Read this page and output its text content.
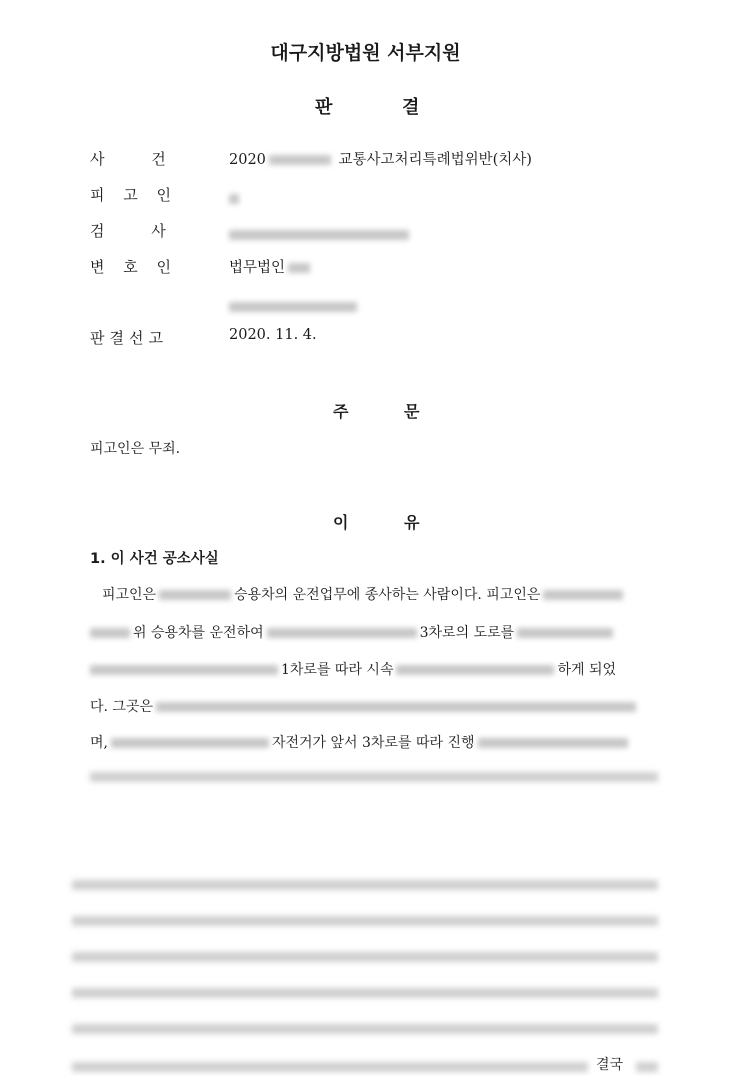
대구지방법원 서부지원
판	결
사 건	2020	교통사고처리특례법위반(치사)
피 고 인
검 사
변 호 인	법무법인
판결선고	2020. 11. 4.
주	문
피고인은 무죄.
이	유
1. 이 사건 공소사실
피고인은	승용차의 운전업무에 종사하는 사람이다. 피고인은
위 승용차를 운전하여	3차로의 도로를
1차로를 따라 시속	하게 되었
다. 그곳은
며,	자전거가 앞서 3차로를 따라 진행
결국
